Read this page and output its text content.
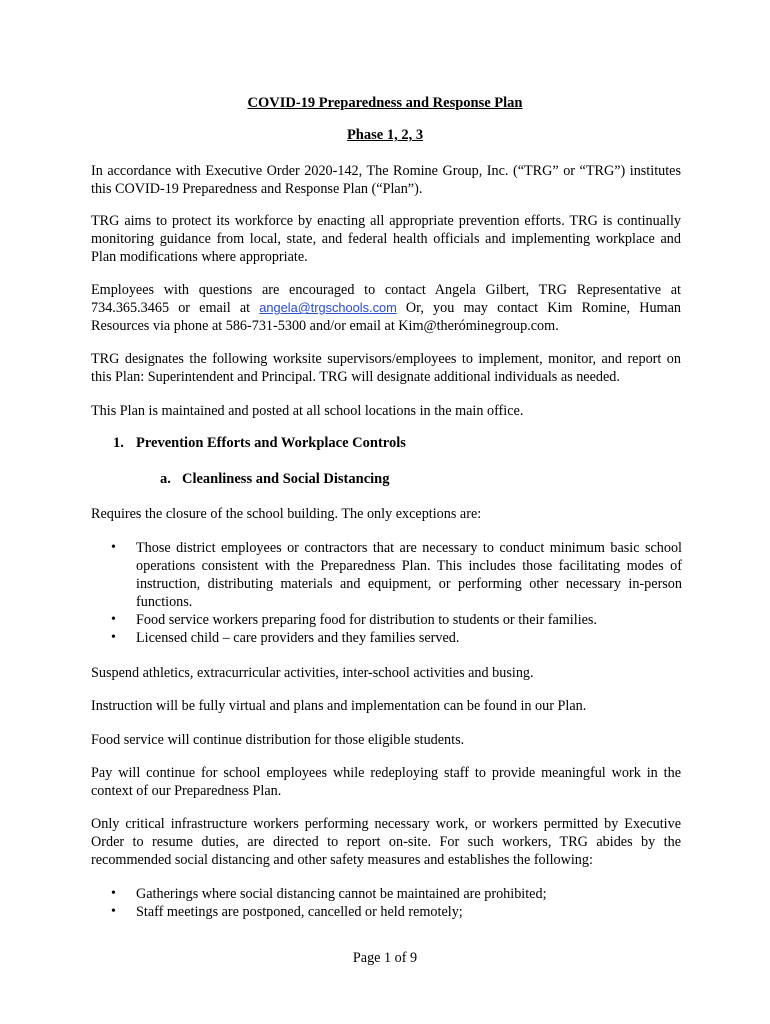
COVID-19 Preparedness and Response Plan
Phase 1, 2, 3
In accordance with Executive Order 2020-142, The Romine Group, Inc. (“TRG” or “TRG”) institutes this COVID-19 Preparedness and Response Plan (“Plan”).
TRG aims to protect its workforce by enacting all appropriate prevention efforts. TRG is continually monitoring guidance from local, state, and federal health officials and implementing workplace and Plan modifications where appropriate.
Employees with questions are encouraged to contact Angela Gilbert, TRG Representative at 734.365.3465 or email at angela@trgschools.com Or, you may contact Kim Romine, Human Resources via phone at 586-731-5300 and/or email at Kim@theróminegroup.com.
TRG designates the following worksite supervisors/employees to implement, monitor, and report on this Plan: Superintendent and Principal. TRG will designate additional individuals as needed.
This Plan is maintained and posted at all school locations in the main office.
1. Prevention Efforts and Workplace Controls
a. Cleanliness and Social Distancing
Requires the closure of the school building. The only exceptions are:
• Those district employees or contractors that are necessary to conduct minimum basic school operations consistent with the Preparedness Plan. This includes those facilitating modes of instruction, distributing materials and equipment, or performing other necessary in-person functions.
• Food service workers preparing food for distribution to students or their families.
• Licensed child – care providers and they families served.
Suspend athletics, extracurricular activities, inter-school activities and busing.
Instruction will be fully virtual and plans and implementation can be found in our Plan.
Food service will continue distribution for those eligible students.
Pay will continue for school employees while redeploying staff to provide meaningful work in the context of our Preparedness Plan.
Only critical infrastructure workers performing necessary work, or workers permitted by Executive Order to resume duties, are directed to report on-site. For such workers, TRG abides by the recommended social distancing and other safety measures and establishes the following:
• Gatherings where social distancing cannot be maintained are prohibited;
• Staff meetings are postponed, cancelled or held remotely;
Page 1 of 9
